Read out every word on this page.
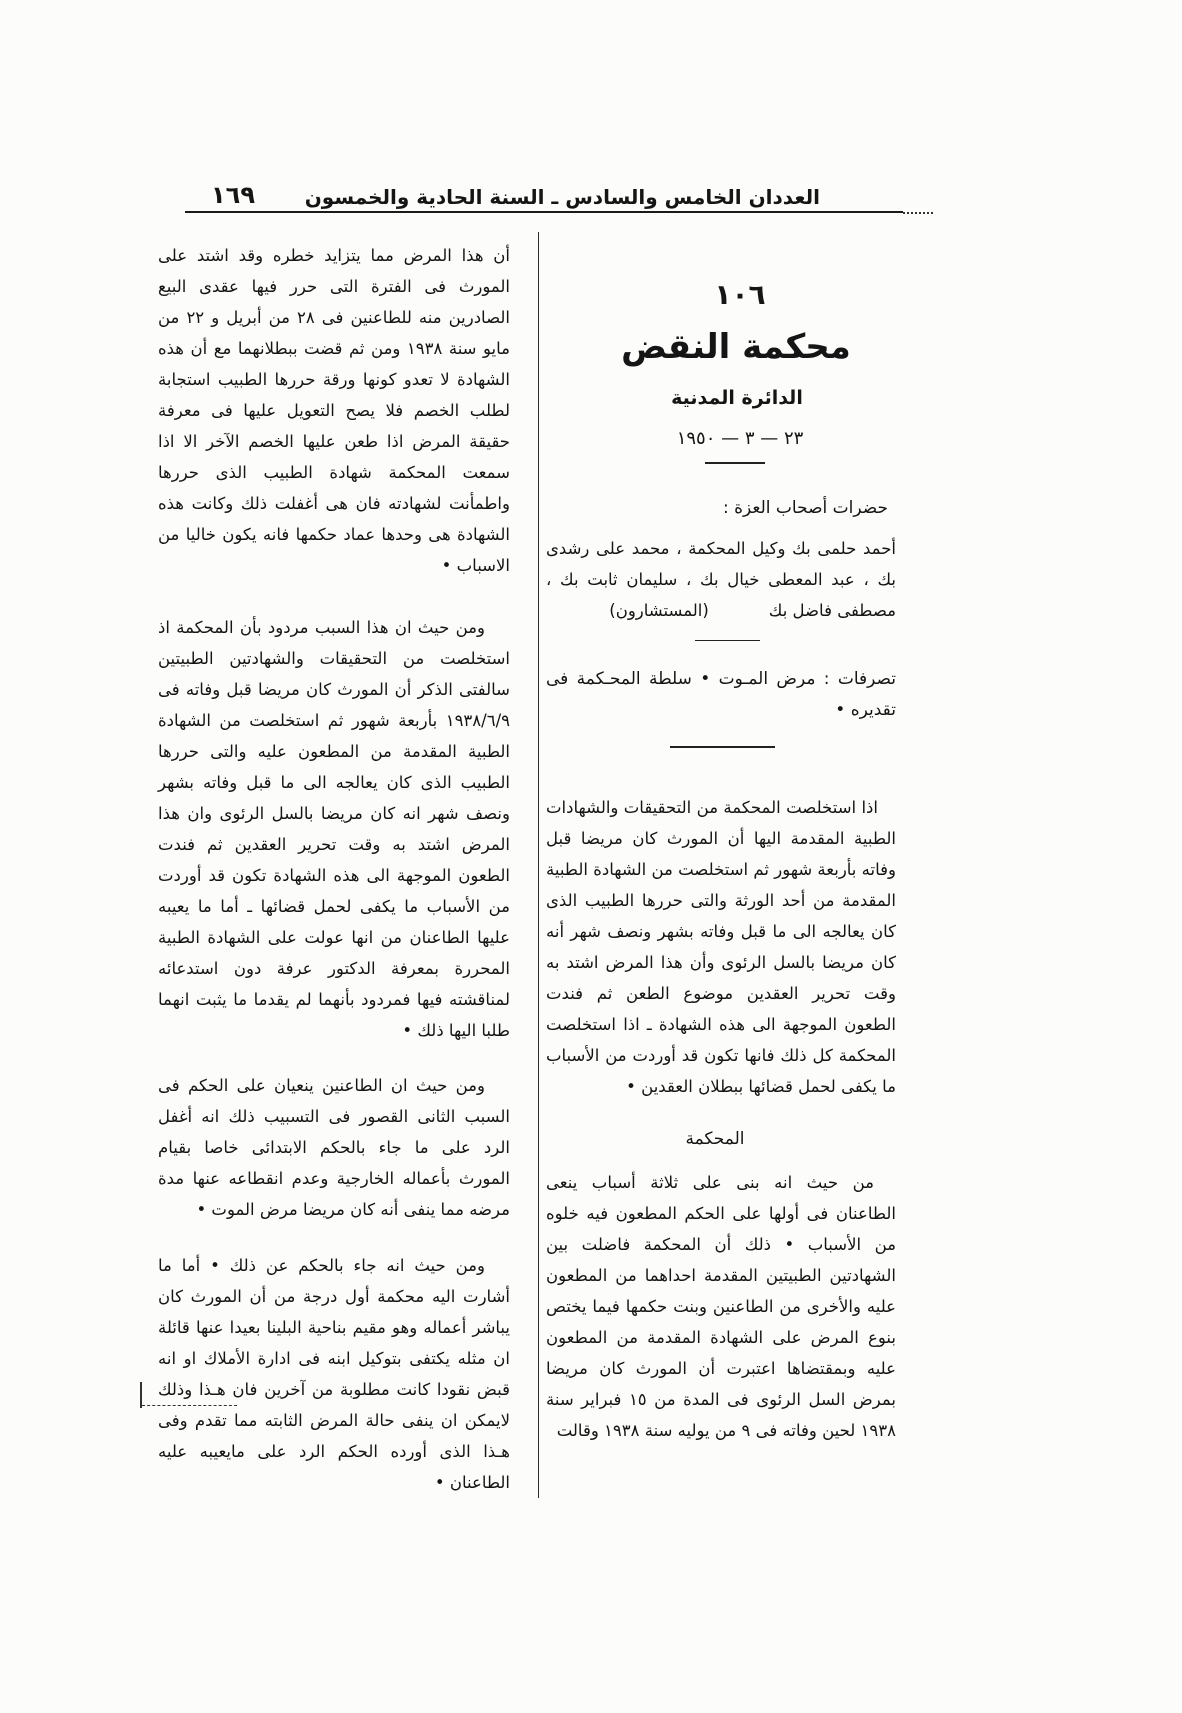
١٦٩	العددان الخامس والسادس ـ السنة الحادية والخمسون

أن هذا المرض مما يتزايد خطره وقد اشتد على المورث فى الفترة التى حرر فيها عقدى البيع الصادرين منه للطاعنين فى ٢٨ من أبريل و ٢٢ من مايو سنة ١٩٣٨ ومن ثم قضت ببطلانهما مع أن هذه الشهادة لا تعدو كونها ورقة حررها الطبيب استجابة لطلب الخصم فلا يصح التعويل عليها فى معرفة حقيقة المرض اذا طعن عليها الخصم الآخر الا اذا سمعت المحكمة شهادة الطبيب الذى حررها واطمأنت لشهادته فان هى أغفلت ذلك وكانت هذه الشهادة هى وحدها عماد حكمها فانه يكون خاليا من الاسباب •

ومن حيث ان هذا السبب مردود بأن المحكمة اذ استخلصت من التحقيقات والشهادتين الطبيتين سالفتى الذكر أن المورث كان مريضا قبل وفاته فى ١٩٣٨/٦/٩ بأربعة شهور ثم استخلصت من الشهادة الطبية المقدمة من المطعون عليه والتى حررها الطبيب الذى كان يعالجه الى ما قبل وفاته بشهر ونصف شهر انه كان مريضا بالسل الرئوى وان هذا المرض اشتد به وقت تحرير العقدين ثم فندت الطعون الموجهة الى هذه الشهادة تكون قد أوردت من الأسباب ما يكفى لحمل قضائها ـ أما ما يعيبه عليها الطاعنان من انها عولت على الشهادة الطبية المحررة بمعرفة الدكتور عرفة دون استدعائه لمناقشته فيها فمردود بأنهما لم يقدما ما يثبت انهما طلبا اليها ذلك •

ومن حيث ان الطاعنين ينعيان على الحكم فى السبب الثانى القصور فى التسبيب ذلك انه أغفل الرد على ما جاء بالحكم الابتدائى خاصا بقيام المورث بأعماله الخارجية وعدم انقطاعه عنها مدة مرضه مما ينفى أنه كان مريضا مرض الموت •

ومن حيث انه جاء بالحكم عن ذلك • أما ما أشارت اليه محكمة أول درجة من أن المورث كان يباشر أعماله وهو مقيم بناحية البلينا بعيدا عنها قائلة ان مثله يكتفى بتوكيل ابنه فى ادارة الأملاك او انه قبض نقودا كانت مطلوبة من آخرين فان هـذا وذلك لايمكن ان ينفى حالة المرض الثابته مما تقدم وفى هـذا الذى أورده الحكم الرد على مايعيبه عليه الطاعنان •

١٠٦
محكمة النقض
الدائرة المدنية
٢٣ — ٣ — ١٩٥٠

حضرات أصحاب العزة :

أحمد حلمى بك وكيل المحكمة ، محمد على رشدى بك ، عبد المعطى خيال بك ، سليمان ثابت بك ، مصطفى فاضل بك(المستشارون)

تصرفات : مرض المـوت • سلطة المحـكمة فى تقديره •

اذا استخلصت المحكمة من التحقيقات والشهادات الطبية المقدمة اليها أن المورث كان مريضا قبل وفاته بأربعة شهور ثم استخلصت من الشهادة الطبية المقدمة من أحد الورثة والتى حررها الطبيب الذى كان يعالجه الى ما قبل وفاته بشهر ونصف شهر أنه كان مريضا بالسل الرئوى وأن هذا المرض اشتد به وقت تحرير العقدين موضوع الطعن ثم فندت الطعون الموجهة الى هذه الشهادة ـ اذا استخلصت المحكمة كل ذلك فانها تكون قد أوردت من الأسباب ما يكفى لحمل قضائها ببطلان العقدين •

المحكمة

من حيث انه بنى على ثلاثة أسباب ينعى الطاعنان فى أولها على الحكم المطعون فيه خلوه من الأسباب • ذلك أن المحكمة فاضلت بين الشهادتين الطبيتين المقدمة احداهما من المطعون عليه والأخرى من الطاعنين وبنت حكمها فيما يختص بنوع المرض على الشهادة المقدمة من المطعون عليه وبمقتضاها اعتبرت أن المورث كان مريضا بمرض السل الرئوى فى المدة من ١٥ فبراير سنة ١٩٣٨ لحين وفاته فى ٩ من يوليه سنة ١٩٣٨ وقالت
